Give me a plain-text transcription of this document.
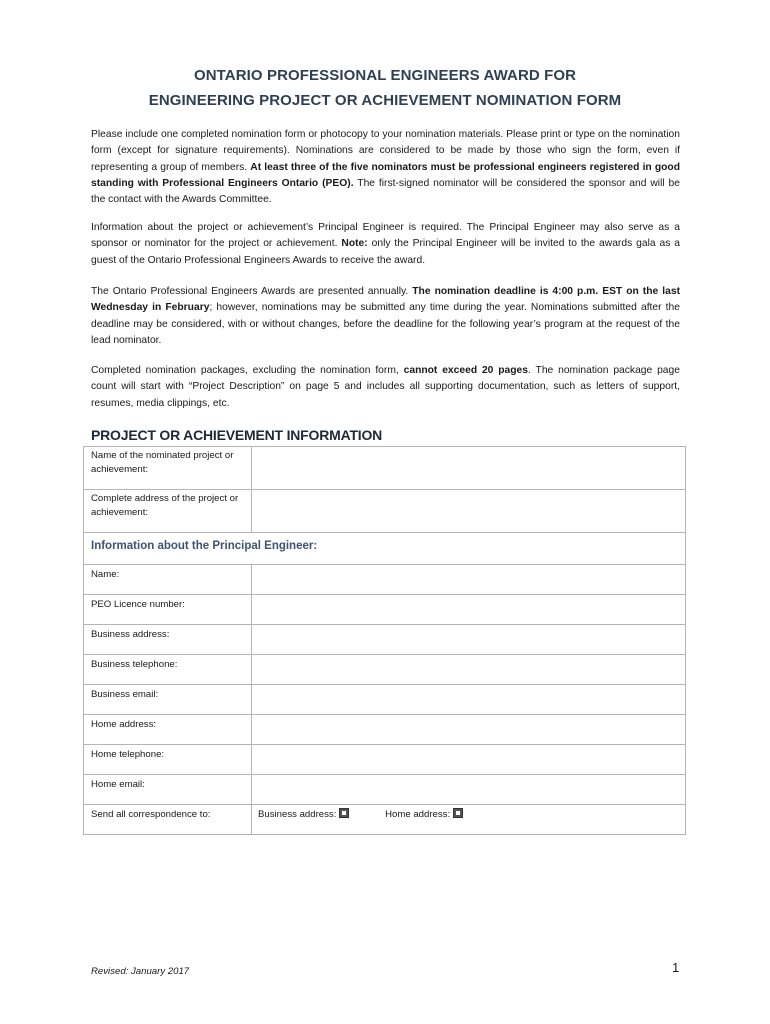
ONTARIO PROFESSIONAL ENGINEERS AWARD FOR
ENGINEERING PROJECT OR ACHIEVEMENT NOMINATION FORM
Please include one completed nomination form or photocopy to your nomination materials. Please print or type on the nomination form (except for signature requirements). Nominations are considered to be made by those who sign the form, even if representing a group of members. At least three of the five nominators must be professional engineers registered in good standing with Professional Engineers Ontario (PEO). The first-signed nominator will be considered the sponsor and will be the contact with the Awards Committee.
Information about the project or achievement’s Principal Engineer is required. The Principal Engineer may also serve as a sponsor or nominator for the project or achievement. Note: only the Principal Engineer will be invited to the awards gala as a guest of the Ontario Professional Engineers Awards to receive the award.
The Ontario Professional Engineers Awards are presented annually. The nomination deadline is 4:00 p.m. EST on the last Wednesday in February; however, nominations may be submitted any time during the year. Nominations submitted after the deadline may be considered, with or without changes, before the deadline for the following year’s program at the request of the lead nominator.
Completed nomination packages, excluding the nomination form, cannot exceed 20 pages. The nomination package page count will start with “Project Description” on page 5 and includes all supporting documentation, such as letters of support, resumes, media clippings, etc.
PROJECT OR ACHIEVEMENT INFORMATION
Name of the nominated project or achievement:	
Complete address of the project or achievement:	
Information about the Principal Engineer:	
Name:	
PEO Licence number:	
Business address:	
Business telephone:	
Business email:	
Home address:	
Home telephone:	
Home email:	
Send all correspondence to:	Business address: Home address:
Revised: January 2017	1
